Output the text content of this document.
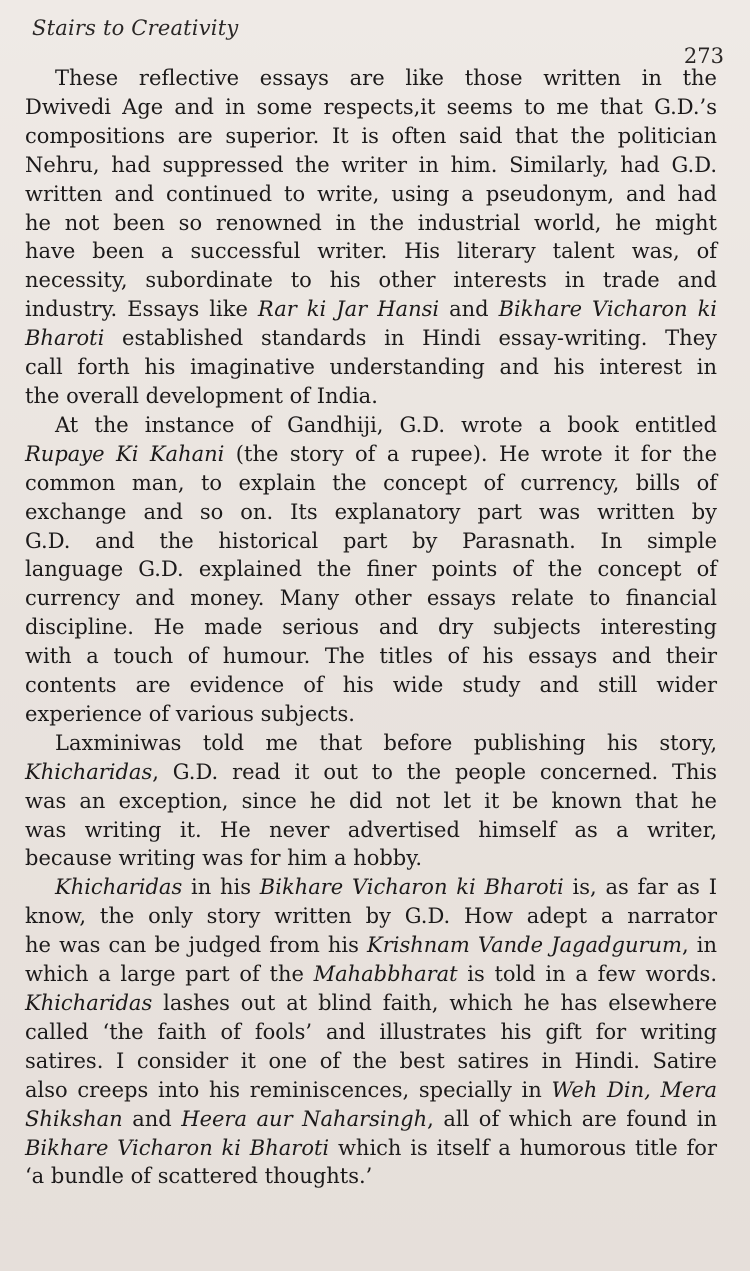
Stairs to Creativity
273

These reflective essays are like those written in the
Dwivedi Age and in some respects,it seems to me that G.D.’s
compositions are superior. It is often said that the politician
Nehru, had suppressed the writer in him. Similarly, had G.D.
written and continued to write, using a pseudonym, and had
he not been so renowned in the industrial world, he might
have been a successful writer. His literary talent was, of
necessity, subordinate to his other interests in trade and
industry. Essays like Rar ki Jar Hansi and Bikhare Vicharon ki
Bharoti established standards in Hindi essay-writing. They
call forth his imaginative understanding and his interest in
the overall development of India.

At the instance of Gandhiji, G.D. wrote a book entitled
Rupaye Ki Kahani (the story of a rupee). He wrote it for the
common man, to explain the concept of currency, bills of
exchange and so on. Its explanatory part was written by
G.D. and the historical part by Parasnath. In simple
language G.D. explained the finer points of the concept of
currency and money. Many other essays relate to financial
discipline. He made serious and dry subjects interesting
with a touch of humour. The titles of his essays and their
contents are evidence of his wide study and still wider
experience of various subjects.

Laxminiwas told me that before publishing his story,
Khicharidas, G.D. read it out to the people concerned. This
was an exception, since he did not let it be known that he
was writing it. He never advertised himself as a writer,
because writing was for him a hobby.

Khicharidas in his Bikhare Vicharon ki Bharoti is, as far as I
know, the only story written by G.D. How adept a narrator
he was can be judged from his Krishnam Vande Jagadgurum, in
which a large part of the Mahabbharat is told in a few words.
Khicharidas lashes out at blind faith, which he has elsewhere
called ‘the faith of fools’ and illustrates his gift for writing
satires. I consider it one of the best satires in Hindi. Satire
also creeps into his reminiscences, specially in Weh Din, Mera
Shikshan and Heera aur Naharsingh, all of which are found in
Bikhare Vicharon ki Bharoti which is itself a humorous title for
‘a bundle of scattered thoughts.’
